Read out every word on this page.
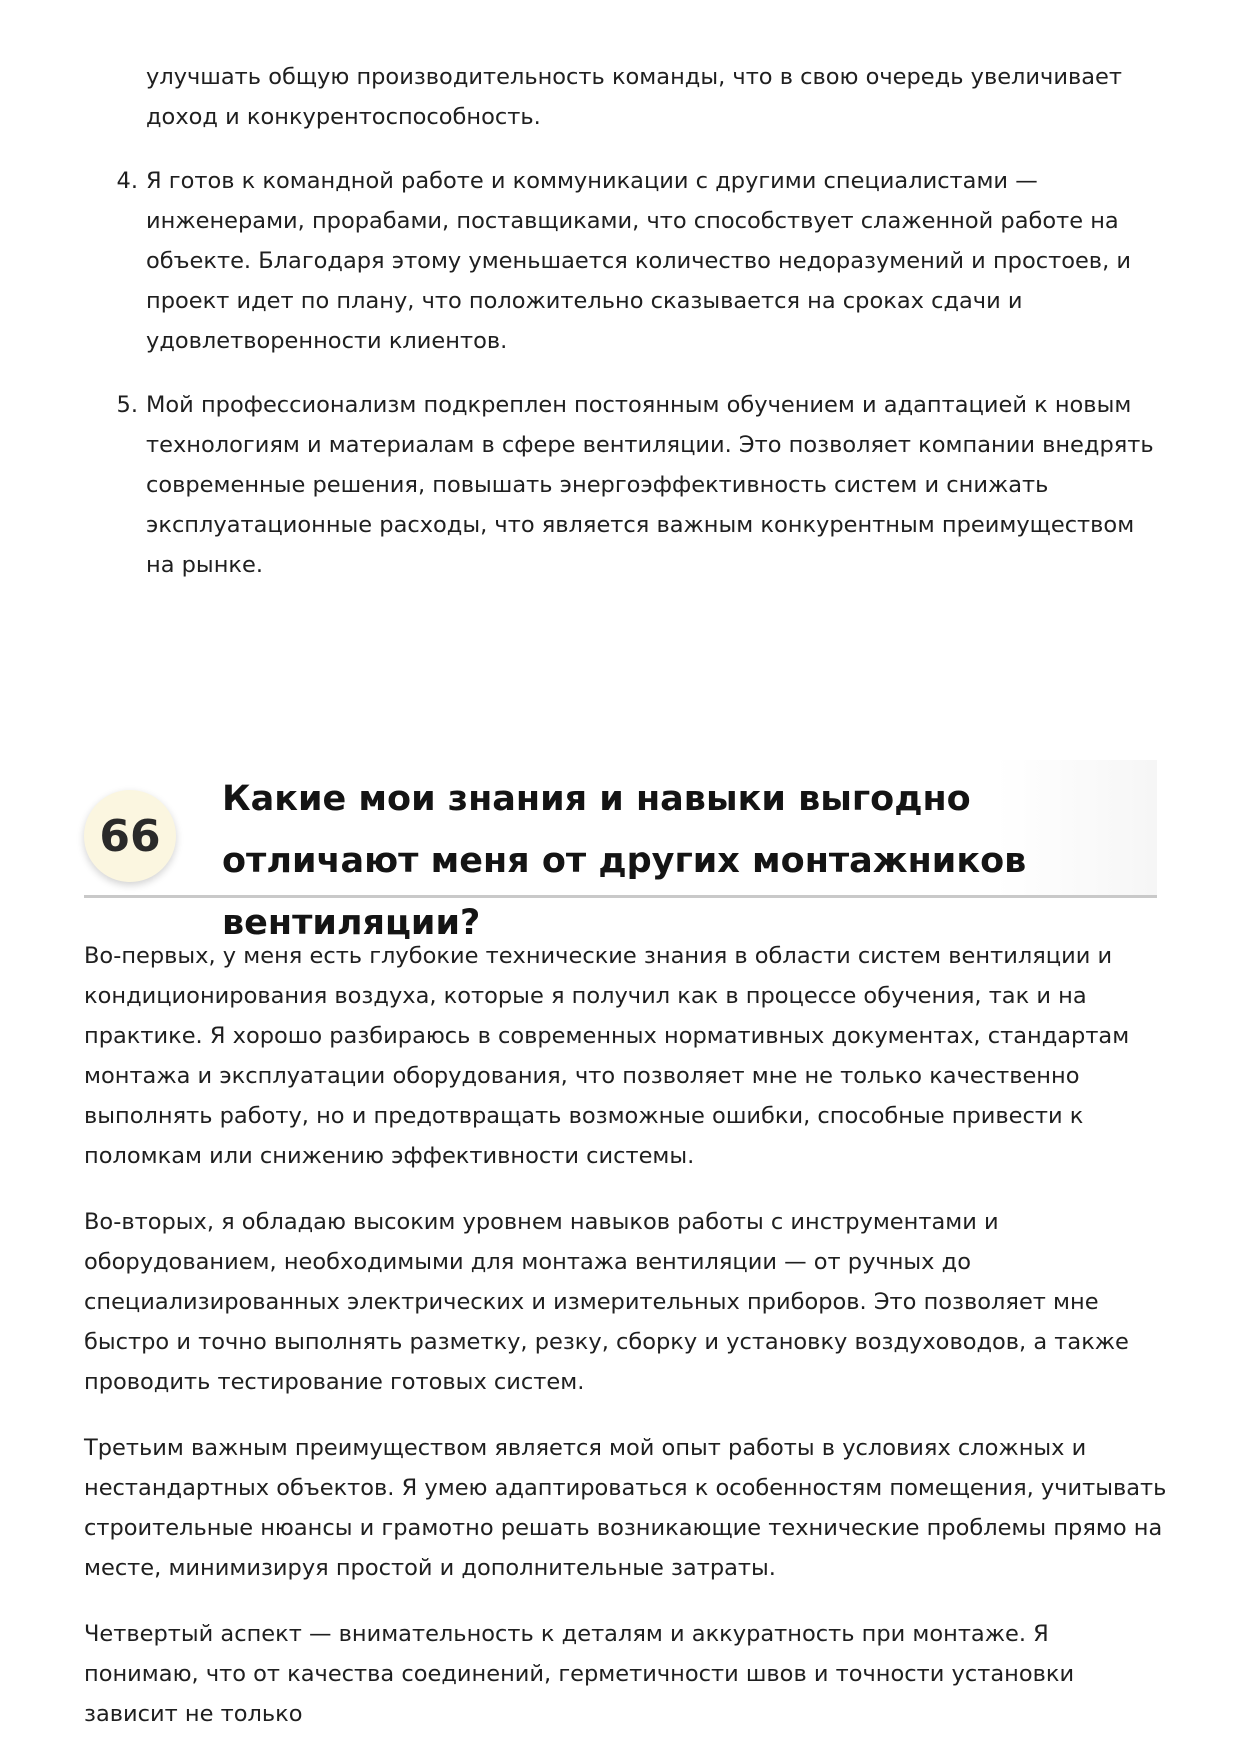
улучшать общую производительность команды, что в свою очередь увеличивает доход и конкурентоспособность.

4. Я готов к командной работе и коммуникации с другими специалистами — инженерами, прорабами, поставщиками, что способствует слаженной работе на объекте. Благодаря этому уменьшается количество недоразумений и простоев, и проект идет по плану, что положительно сказывается на сроках сдачи и удовлетворенности клиентов.
5. Мой профессионализм подкреплен постоянным обучением и адаптацией к новым технологиям и материалам в сфере вентиляции. Это позволяет компании внедрять современные решения, повышать энергоэффективность систем и снижать эксплуатационные расходы, что является важным конкурентным преимуществом на рынке.
66
Какие мои знания и навыки выгодно отличают меня от других монтажников вентиляции?

Во-первых, у меня есть глубокие технические знания в области систем вентиляции и кондиционирования воздуха, которые я получил как в процессе обучения, так и на практике. Я хорошо разбираюсь в современных нормативных документах, стандартам монтажа и эксплуатации оборудования, что позволяет мне не только качественно выполнять работу, но и предотвращать возможные ошибки, способные привести к поломкам или снижению эффективности системы.

Во-вторых, я обладаю высоким уровнем навыков работы с инструментами и оборудованием, необходимыми для монтажа вентиляции — от ручных до специализированных электрических и измерительных приборов. Это позволяет мне быстро и точно выполнять разметку, резку, сборку и установку воздуховодов, а также проводить тестирование готовых систем.

Третьим важным преимуществом является мой опыт работы в условиях сложных и нестандартных объектов. Я умею адаптироваться к особенностям помещения, учитывать строительные нюансы и грамотно решать возникающие технические проблемы прямо на месте, минимизируя простой и дополнительные затраты.

Четвертый аспект — внимательность к деталям и аккуратность при монтаже. Я понимаю, что от качества соединений, герметичности швов и точности установки зависит не только
